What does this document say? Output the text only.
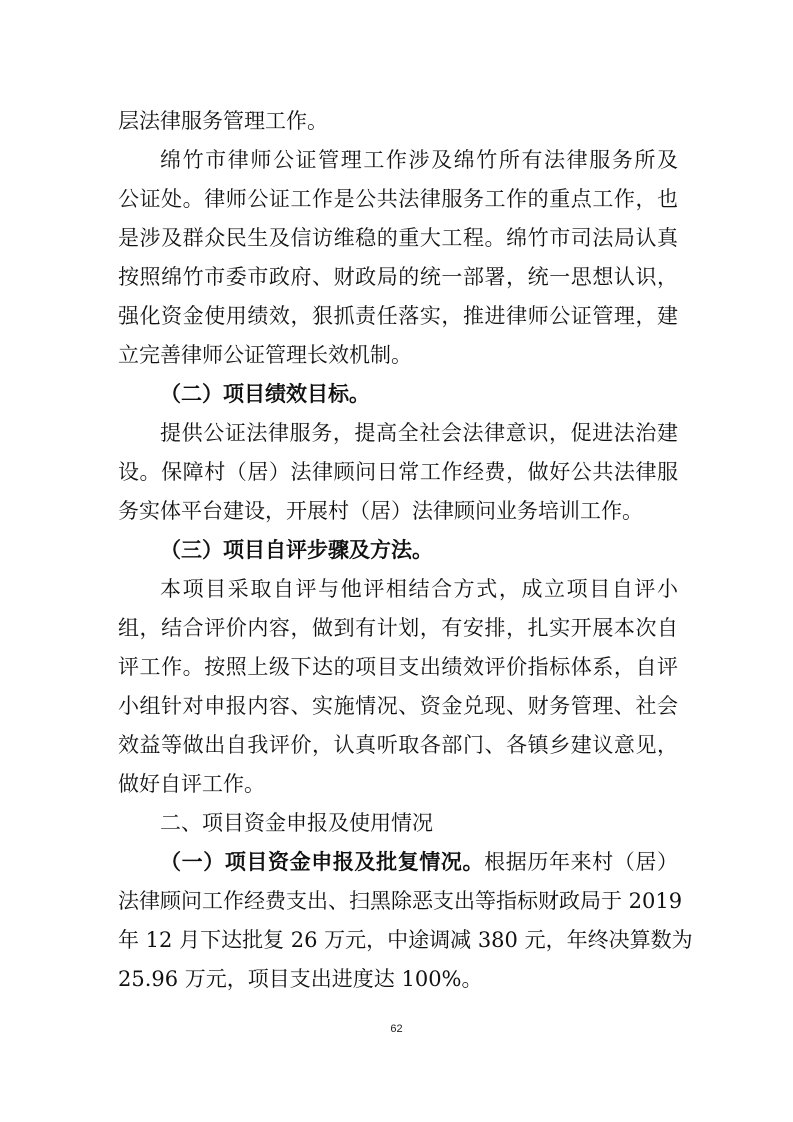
层法律服务管理工作。
绵竹市律师公证管理工作涉及绵竹所有法律服务所及
公证处。律师公证工作是公共法律服务工作的重点工作，也
是涉及群众民生及信访维稳的重大工程。绵竹市司法局认真
按照绵竹市委市政府、财政局的统一部署，统一思想认识，
强化资金使用绩效，狠抓责任落实，推进律师公证管理，建
立完善律师公证管理长效机制。
（二）项目绩效目标。
提供公证法律服务，提高全社会法律意识，促进法治建
设。保障村（居）法律顾问日常工作经费，做好公共法律服
务实体平台建设，开展村（居）法律顾问业务培训工作。
（三）项目自评步骤及方法。
本项目采取自评与他评相结合方式，成立项目自评小
组，结合评价内容，做到有计划，有安排，扎实开展本次自
评工作。按照上级下达的项目支出绩效评价指标体系，自评
小组针对申报内容、实施情况、资金兑现、财务管理、社会
效益等做出自我评价，认真听取各部门、各镇乡建议意见，
做好自评工作。
二、项目资金申报及使用情况
（一）项目资金申报及批复情况。根据历年来村（居）
法律顾问工作经费支出、扫黑除恶支出等指标财政局于 2019
年 12 月下达批复 26 万元，中途调减 380 元，年终决算数为
25.96 万元，项目支出进度达 100%。
62
